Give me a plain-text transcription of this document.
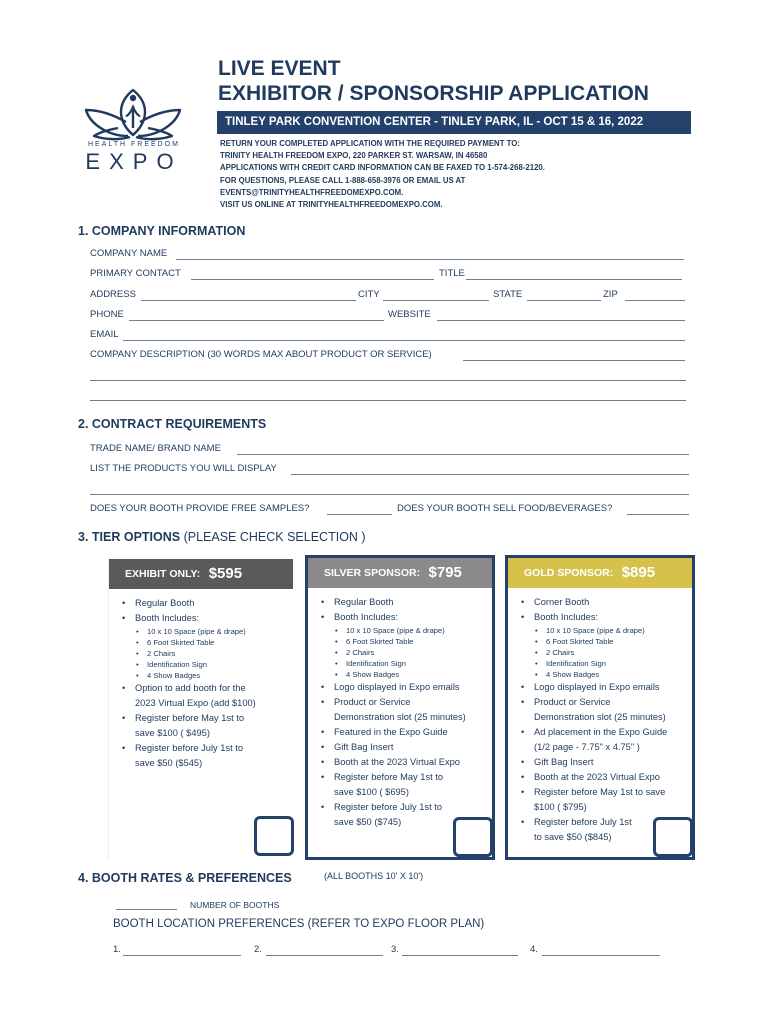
HEALTH FREEDOM
EXPO
LIVE EVENT
EXHIBITOR / SPONSORSHIP APPLICATION
TINLEY PARK CONVENTION CENTER - TINLEY PARK, IL - OCT 15 & 16, 2022
RETURN YOUR COMPLETED APPLICATION WITH THE REQUIRED PAYMENT TO:
TRINITY HEALTH FREEDOM EXPO, 220 PARKER ST. WARSAW, IN 46580
APPLICATIONS WITH CREDIT CARD INFORMATION CAN BE FAXED TO 1-574-268-2120.
FOR QUESTIONS, PLEASE CALL 1-888-658-3976 OR EMAIL US AT
EVENTS@TRINITYHEALTHFREEDOMEXPO.COM.
VISIT US ONLINE AT TRINITYHEALTHFREEDOMEXPO.COM.
1. COMPANY INFORMATION
COMPANY NAME
PRIMARY CONTACT	TITLE
ADDRESS	CITY	STATE	ZIP
PHONE	WEBSITE
EMAIL
COMPANY DESCRIPTION (30 WORDS MAX ABOUT PRODUCT OR SERVICE)
2. CONTRACT REQUIREMENTS
TRADE NAME/ BRAND NAME
LIST THE PRODUCTS YOU WILL DISPLAY
DOES YOUR BOOTH PROVIDE FREE SAMPLES?	DOES YOUR BOOTH SELL FOOD/BEVERAGES?
3. TIER OPTIONS (PLEASE CHECK SELECTION )
EXHIBIT ONLY: $595
• Regular Booth
• Booth Includes:
• 10 x 10 Space (pipe & drape)
• 6 Foot Skirted Table
• 2 Chairs
• Identification Sign
• 4 Show Badges
• Option to add booth for the
2023 Virtual Expo (add $100)
• Register before May 1st to
save $100 ( $495)
• Register before July 1st to
save $50 ($545)
SILVER SPONSOR: $795
• Regular Booth
• Booth Includes:
• 10 x 10 Space (pipe & drape)
• 6 Foot Skirted Table
• 2 Chairs
• Identification Sign
• 4 Show Badges
• Logo displayed in Expo emails
• Product or Service
Demonstration slot (25 minutes)
• Featured in the Expo Guide
• Gift Bag Insert
• Booth at the 2023 Virtual Expo
• Register before May 1st to
save $100 ( $695)
• Register before July 1st to
save $50 ($745)
GOLD SPONSOR: $895
• Corner Booth
• Booth Includes:
• 10 x 10 Space (pipe & drape)
• 6 Foot Skirted Table
• 2 Chairs
• Identification Sign
• 4 Show Badges
• Logo displayed in Expo emails
• Product or Service
Demonstration slot (25 minutes)
• Ad placement in the Expo Guide
(1/2 page - 7.75" x 4.75" )
• Gift Bag Insert
• Booth at the 2023 Virtual Expo
• Register before May 1st to save
$100 ( $795)
• Register before July 1st
to save $50 ($845)
4. BOOTH RATES & PREFERENCES	(ALL BOOTHS 10' X 10')
NUMBER OF BOOTHS
BOOTH LOCATION PREFERENCES (REFER TO EXPO FLOOR PLAN)
1.	2.	3.	4.
